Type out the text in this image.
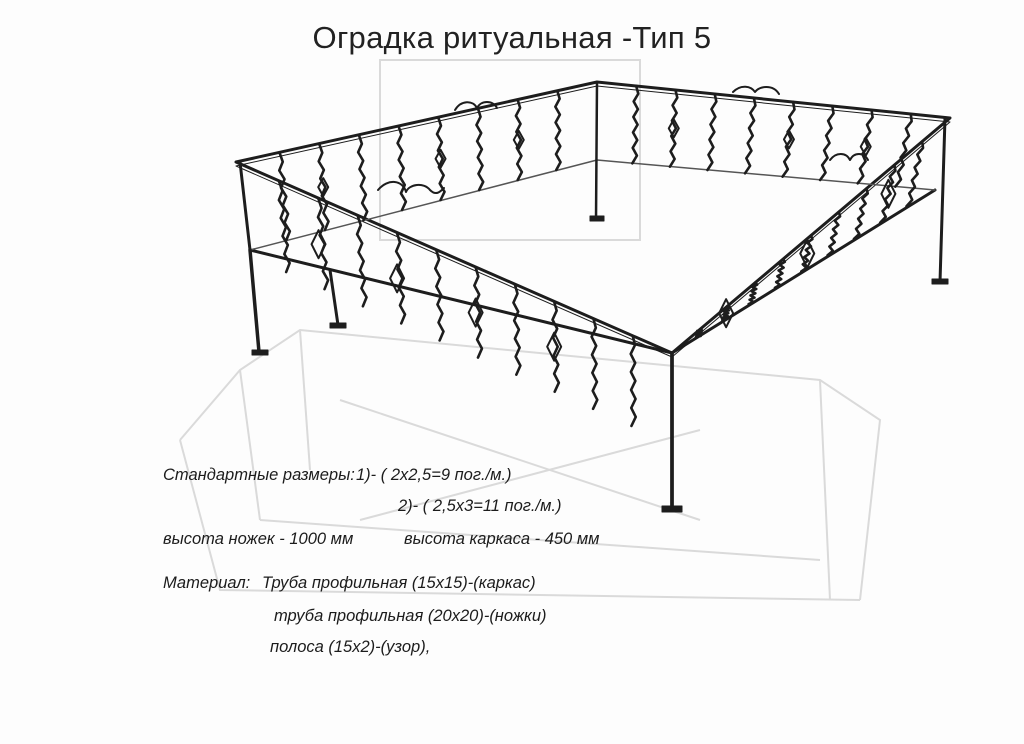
Оградка ритуальная -Тип 5
Стандартные размеры: 1)- ( 2х2,5=9 пог./м.)
2)- ( 2,5х3=11 пог./м.)
высота ножек - 1000 мм	высота каркаса - 450 мм
Материал: Труба профильная (15х15)-(каркас)
труба профильная (20х20)-(ножки)
полоса (15х2)-(узор),
